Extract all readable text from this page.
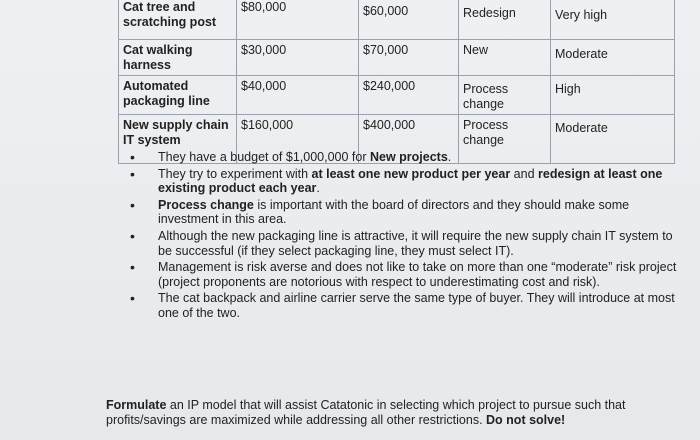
Cat tree and scratching post	$80,000	$60,000	Redesign	Very high
Cat walking harness	$30,000	$70,000	New	Moderate
Automated packaging line	$40,000	$240,000	Process change	High
New supply chain IT system	$160,000	$400,000	Process change	Moderate
• They have a budget of $1,000,000 for New projects.
• They try to experiment with at least one new product per year and redesign at least one existing product each year.
• Process change is important with the board of directors and they should make some investment in this area.
• Although the new packaging line is attractive, it will require the new supply chain IT system to be successful (if they select packaging line, they must select IT).
• Management is risk averse and does not like to take on more than one “moderate” risk project (project proponents are notorious with respect to underestimating cost and risk).
• The cat backpack and airline carrier serve the same type of buyer. They will introduce at most one of the two.
Formulate an IP model that will assist Catatonic in selecting which project to pursue such that profits/savings are maximized while addressing all other restrictions. Do not solve!
